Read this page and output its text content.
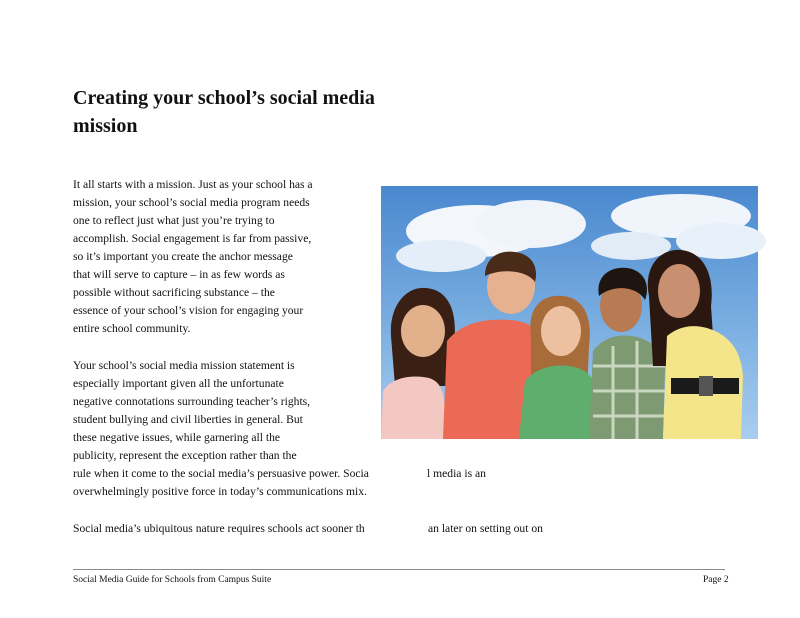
Creating your school’s social media mission
It all starts with a mission. Just as your school has a
mission, your school’s social media program needs
one to reflect just what just you’re trying to
accomplish. Social engagement is far from passive,
so it’s important you create the anchor message
that will serve to capture – in as few words as
possible without sacrificing substance – the
essence of your school’s vision for engaging your
entire school community.
Your school’s social media mission statement is
especially important given all the unfortunate
negative connotations surrounding teacher’s rights,
student bullying and civil liberties in general. But
these negative issues, while garnering all the
publicity, represent the exception rather than the
rule when it come to the social media’s persuasive power. Socia	l media is an
overwhelmingly positive force in today’s communications mix.
Social media’s ubiquitous nature requires schools act sooner th	an later on setting out on
Social Media Guide for Schools from Campus Suite	Page 2
